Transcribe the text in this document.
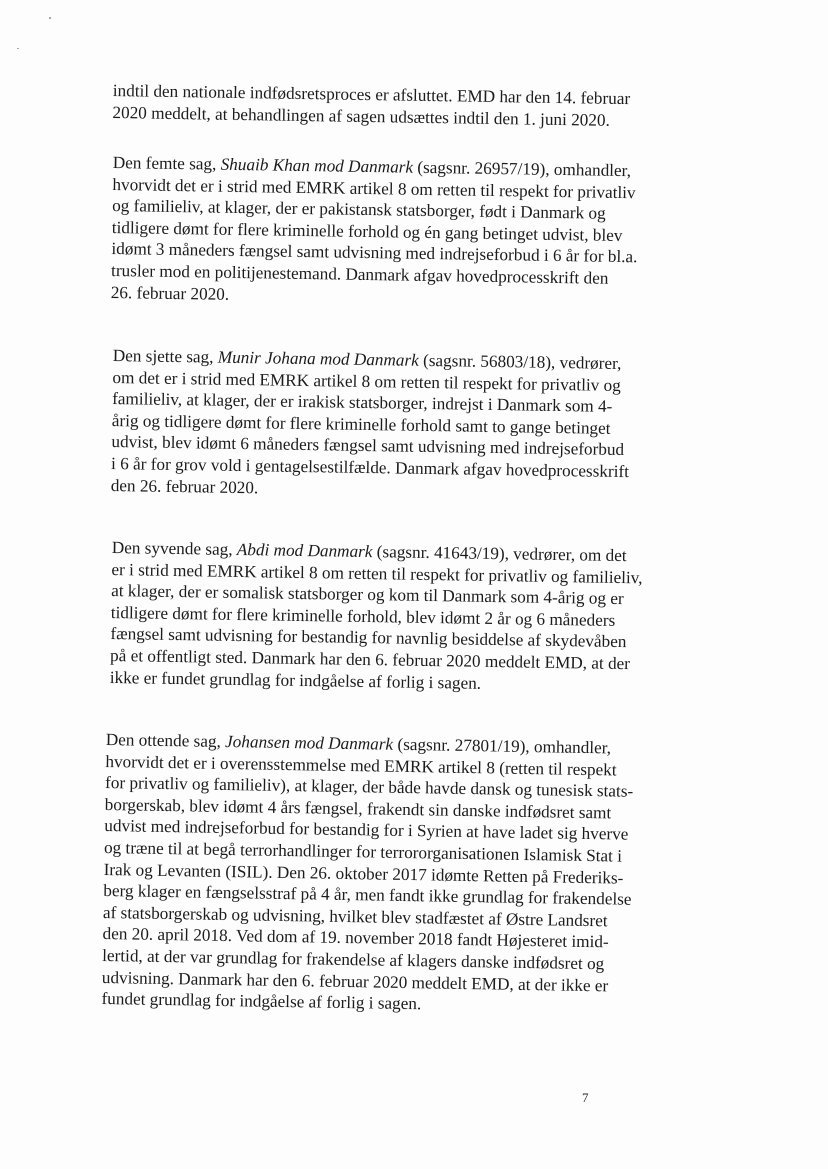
indtil den nationale indfødsretsproces er afsluttet. EMD har den 14. februar
2020 meddelt, at behandlingen af sagen udsættes indtil den 1. juni 2020.
Den femte sag, Shuaib Khan mod Danmark (sagsnr. 26957/19), omhandler,
hvorvidt det er i strid med EMRK artikel 8 om retten til respekt for privatliv
og familieliv, at klager, der er pakistansk statsborger, født i Danmark og
tidligere dømt for flere kriminelle forhold og én gang betinget udvist, blev
idømt 3 måneders fængsel samt udvisning med indrejseforbud i 6 år for bl.a.
trusler mod en politijenestemand. Danmark afgav hovedprocesskrift den
26. februar 2020.
Den sjette sag, Munir Johana mod Danmark (sagsnr. 56803/18), vedrører,
om det er i strid med EMRK artikel 8 om retten til respekt for privatliv og
familieliv, at klager, der er irakisk statsborger, indrejst i Danmark som 4-
årig og tidligere dømt for flere kriminelle forhold samt to gange betinget
udvist, blev idømt 6 måneders fængsel samt udvisning med indrejseforbud
i 6 år for grov vold i gentagelsestilfælde. Danmark afgav hovedprocesskrift
den 26. februar 2020.
Den syvende sag, Abdi mod Danmark (sagsnr. 41643/19), vedrører, om det
er i strid med EMRK artikel 8 om retten til respekt for privatliv og familieliv,
at klager, der er somalisk statsborger og kom til Danmark som 4-årig og er
tidligere dømt for flere kriminelle forhold, blev idømt 2 år og 6 måneders
fængsel samt udvisning for bestandig for navnlig besiddelse af skydevåben
på et offentligt sted. Danmark har den 6. februar 2020 meddelt EMD, at der
ikke er fundet grundlag for indgåelse af forlig i sagen.
Den ottende sag, Johansen mod Danmark (sagsnr. 27801/19), omhandler,
hvorvidt det er i overensstemmelse med EMRK artikel 8 (retten til respekt
for privatliv og familieliv), at klager, der både havde dansk og tunesisk stats-
borgerskab, blev idømt 4 års fængsel, frakendt sin danske indfødsret samt
udvist med indrejseforbud for bestandig for i Syrien at have ladet sig hverve
og træne til at begå terrorhandlinger for terrororganisationen Islamisk Stat i
Irak og Levanten (ISIL). Den 26. oktober 2017 idømte Retten på Frederiks-
berg klager en fængselsstraf på 4 år, men fandt ikke grundlag for frakendelse
af statsborgerskab og udvisning, hvilket blev stadfæstet af Østre Landsret
den 20. april 2018. Ved dom af 19. november 2018 fandt Højesteret imid-
lertid, at der var grundlag for frakendelse af klagers danske indfødsret og
udvisning. Danmark har den 6. februar 2020 meddelt EMD, at der ikke er
fundet grundlag for indgåelse af forlig i sagen.
7
